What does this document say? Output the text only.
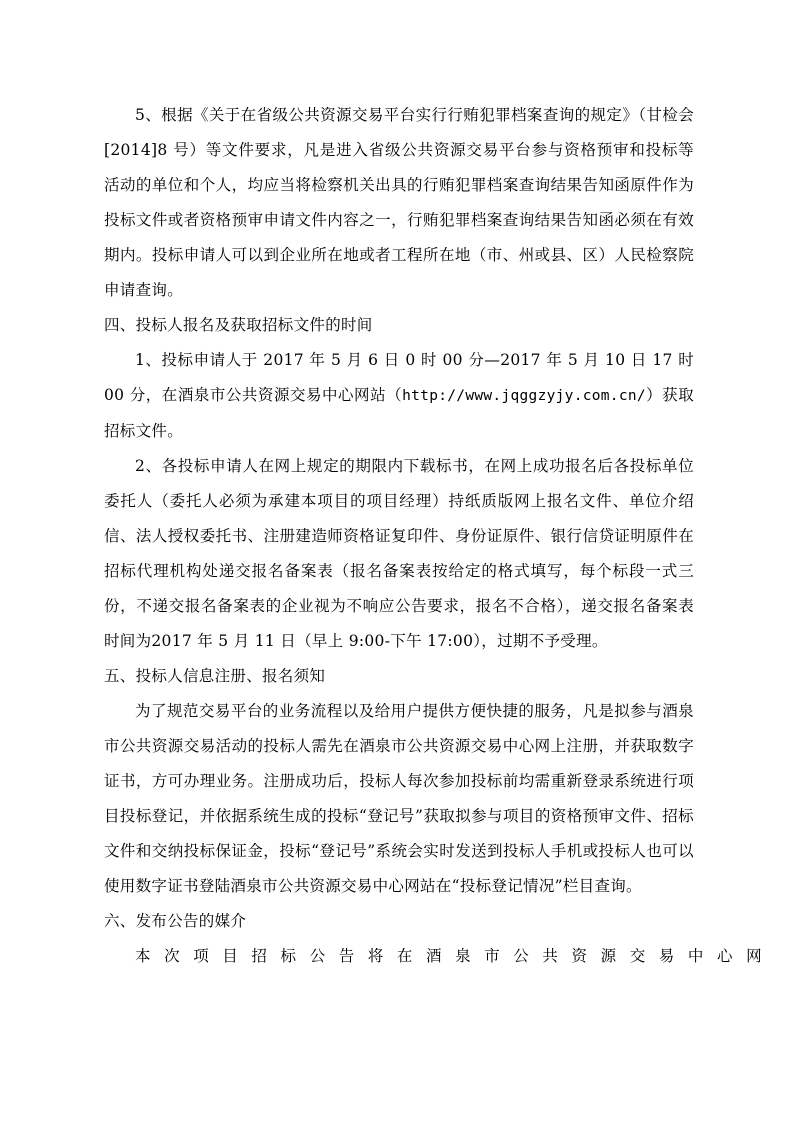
5、根据《关于在省级公共资源交易平台实行行贿犯罪档案查询的规定》（甘检会[2014]8 号）等文件要求，凡是进入省级公共资源交易平台参与资格预审和投标等活动的单位和个人，均应当将检察机关出具的行贿犯罪档案查询结果告知函原件作为投标文件或者资格预审申请文件内容之一，行贿犯罪档案查询结果告知函必须在有效期内。投标申请人可以到企业所在地或者工程所在地（市、州或县、区）人民检察院申请查询。

四、投标人报名及获取招标文件的时间

1、投标申请人于 2017 年 5 月 6 日 0 时 00 分—2017 年 5 月 10 日 17 时 00 分，在酒泉市公共资源交易中心网站（http://www.jqggzyjy.com.cn/）获取招标文件。

2、各投标申请人在网上规定的期限内下载标书，在网上成功报名后各投标单位委托人（委托人必须为承建本项目的项目经理）持纸质版网上报名文件、单位介绍信、法人授权委托书、注册建造师资格证复印件、身份证原件、银行信贷证明原件在招标代理机构处递交报名备案表（报名备案表按给定的格式填写，每个标段一式三份，不递交报名备案表的企业视为不响应公告要求，报名不合格），递交报名备案表时间为2017 年 5 月 11 日（早上 9:00-下午 17:00），过期不予受理。

五、投标人信息注册、报名须知

为了规范交易平台的业务流程以及给用户提供方便快捷的服务，凡是拟参与酒泉市公共资源交易活动的投标人需先在酒泉市公共资源交易中心网上注册，并获取数字证书，方可办理业务。注册成功后，投标人每次参加投标前均需重新登录系统进行项目投标登记，并依据系统生成的投标“登记号”获取拟参与项目的资格预审文件、招标文件和交纳投标保证金，投标“登记号”系统会实时发送到投标人手机或投标人也可以使用数字证书登陆酒泉市公共资源交易中心网站在“投标登记情况”栏目查询。

六、发布公告的媒介

本次项目招标公告将在酒泉市公共资源交易中心网
